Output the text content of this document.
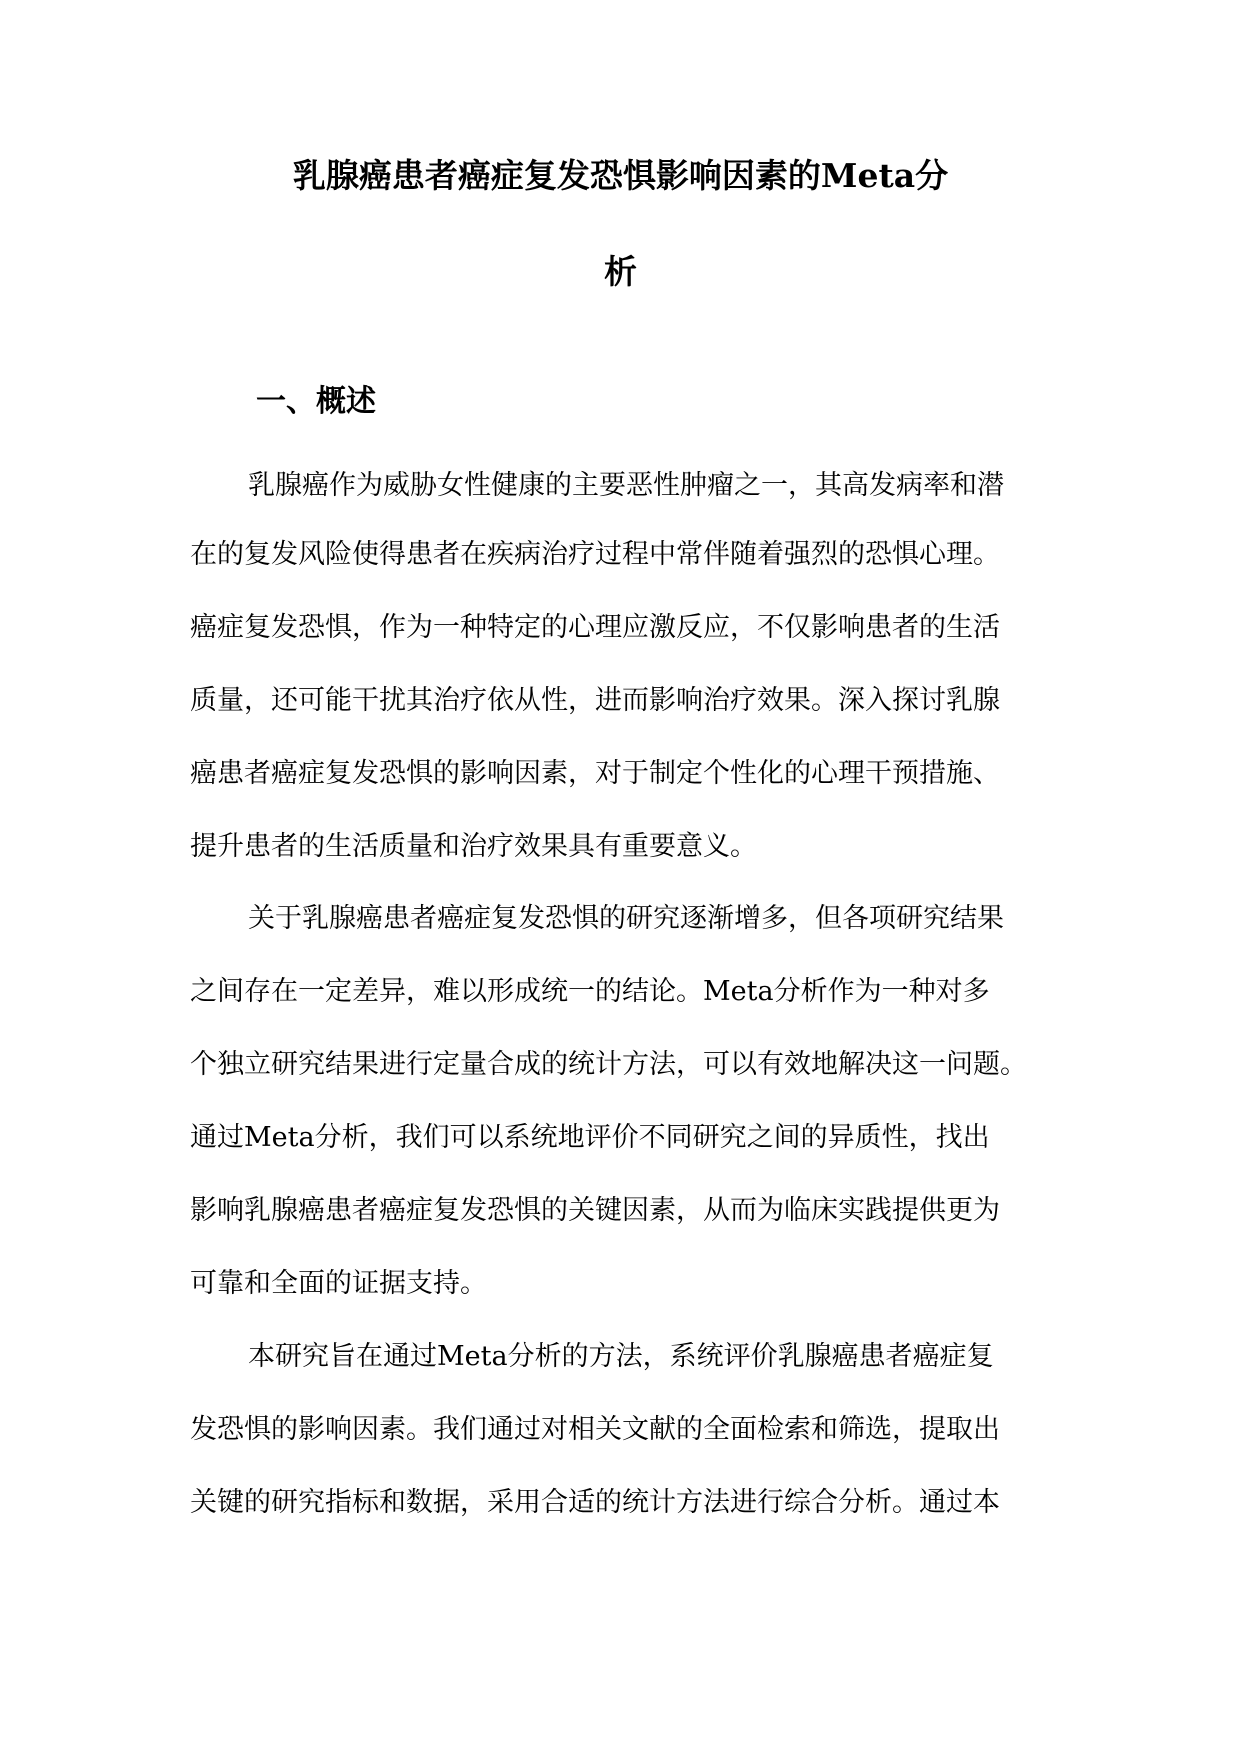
乳腺癌患者癌症复发恐惧影响因素的Meta分
析
一、概述

乳腺癌作为威胁女性健康的主要恶性肿瘤之一，其高发病率和潜

在的复发风险使得患者在疾病治疗过程中常伴随着强烈的恐惧心理。

癌症复发恐惧，作为一种特定的心理应激反应，不仅影响患者的生活

质量，还可能干扰其治疗依从性，进而影响治疗效果。深入探讨乳腺

癌患者癌症复发恐惧的影响因素，对于制定个性化的心理干预措施、

提升患者的生活质量和治疗效果具有重要意义。

关于乳腺癌患者癌症复发恐惧的研究逐渐增多，但各项研究结果

之间存在一定差异，难以形成统一的结论。Meta分析作为一种对多

个独立研究结果进行定量合成的统计方法，可以有效地解决这一问题。

通过Meta分析，我们可以系统地评价不同研究之间的异质性，找出

影响乳腺癌患者癌症复发恐惧的关键因素，从而为临床实践提供更为

可靠和全面的证据支持。

本研究旨在通过Meta分析的方法，系统评价乳腺癌患者癌症复

发恐惧的影响因素。我们通过对相关文献的全面检索和筛选，提取出

关键的研究指标和数据，采用合适的统计方法进行综合分析。通过本
